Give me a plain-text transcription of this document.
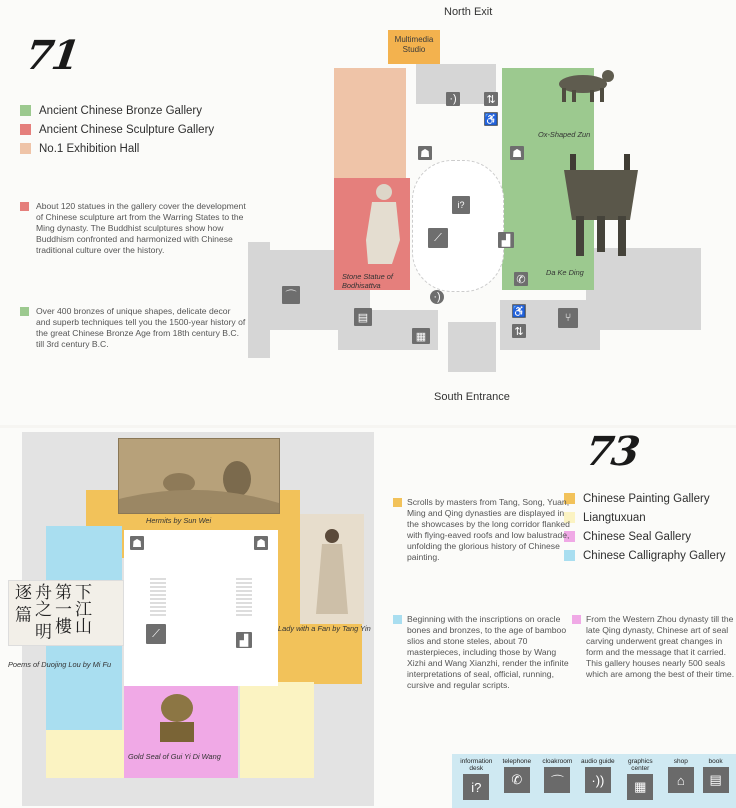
71
Ancient Chinese Bronze Gallery
Ancient Chinese Sculpture Gallery
No.1 Exhibition Hall
About 120 statues in the gallery cover the development of Chinese sculpture art from the Warring States to the Ming dynasty. The Buddhist sculptures show how Buddhism confronted and harmonized with Chinese traditional culture over the history.
Over 400 bronzes of unique shapes, delicate decor and superb techniques tell you the 1500-year history of the great Chinese Bronze Age from 18th century B.C. till 3rd century B.C.
North Exit
South Entrance
Multimedia Studio
Ox-Shaped Zun
Da Ke Ding
Stone Statue of Bodhisattva
·)	⇅
♿
☗	☗
i?
⟋	▟
✆
·)
⌒
▤	♿
⑂
⇅
▦
73
Chinese Painting Gallery
Liangtuxuan
Chinese Seal Gallery
Chinese Calligraphy Gallery
Scrolls by masters from Tang, Song, Yuan, Ming and Qing dynasties are displayed in the showcases by the long corridor flanked with flying-eaved roofs and low balustrade, unfolding the glorious history of Chinese painting.
Beginning with the inscriptions on oracle bones and bronzes, to the age of bamboo slios and stone steles, about 70 masterpieces, including those by Wang Xizhi and Wang Xianzhi, render the infinite interpretations of seal, official, running, cursive and regular scripts.
From the Western Zhou dynasty till the late Qing dynasty, Chinese art of seal carving underwent great changes in form and the message that it carried. This gallery houses nearly 500 seals which are among the best of their time.
Hermits by Sun Wei
Lady with a Fan by Tang Yin
下江山 第一樓 舟之 明 逐 篇
Poems of Duojing Lou by Mi Fu
Gold Seal of Gui Yi Di Wang
☗	☗
⟋
▟
information desk
i?
telephone
✆
cloakroom
⌒
audio guide
·))
graphics center
▦
shop
⌂
book
▤
